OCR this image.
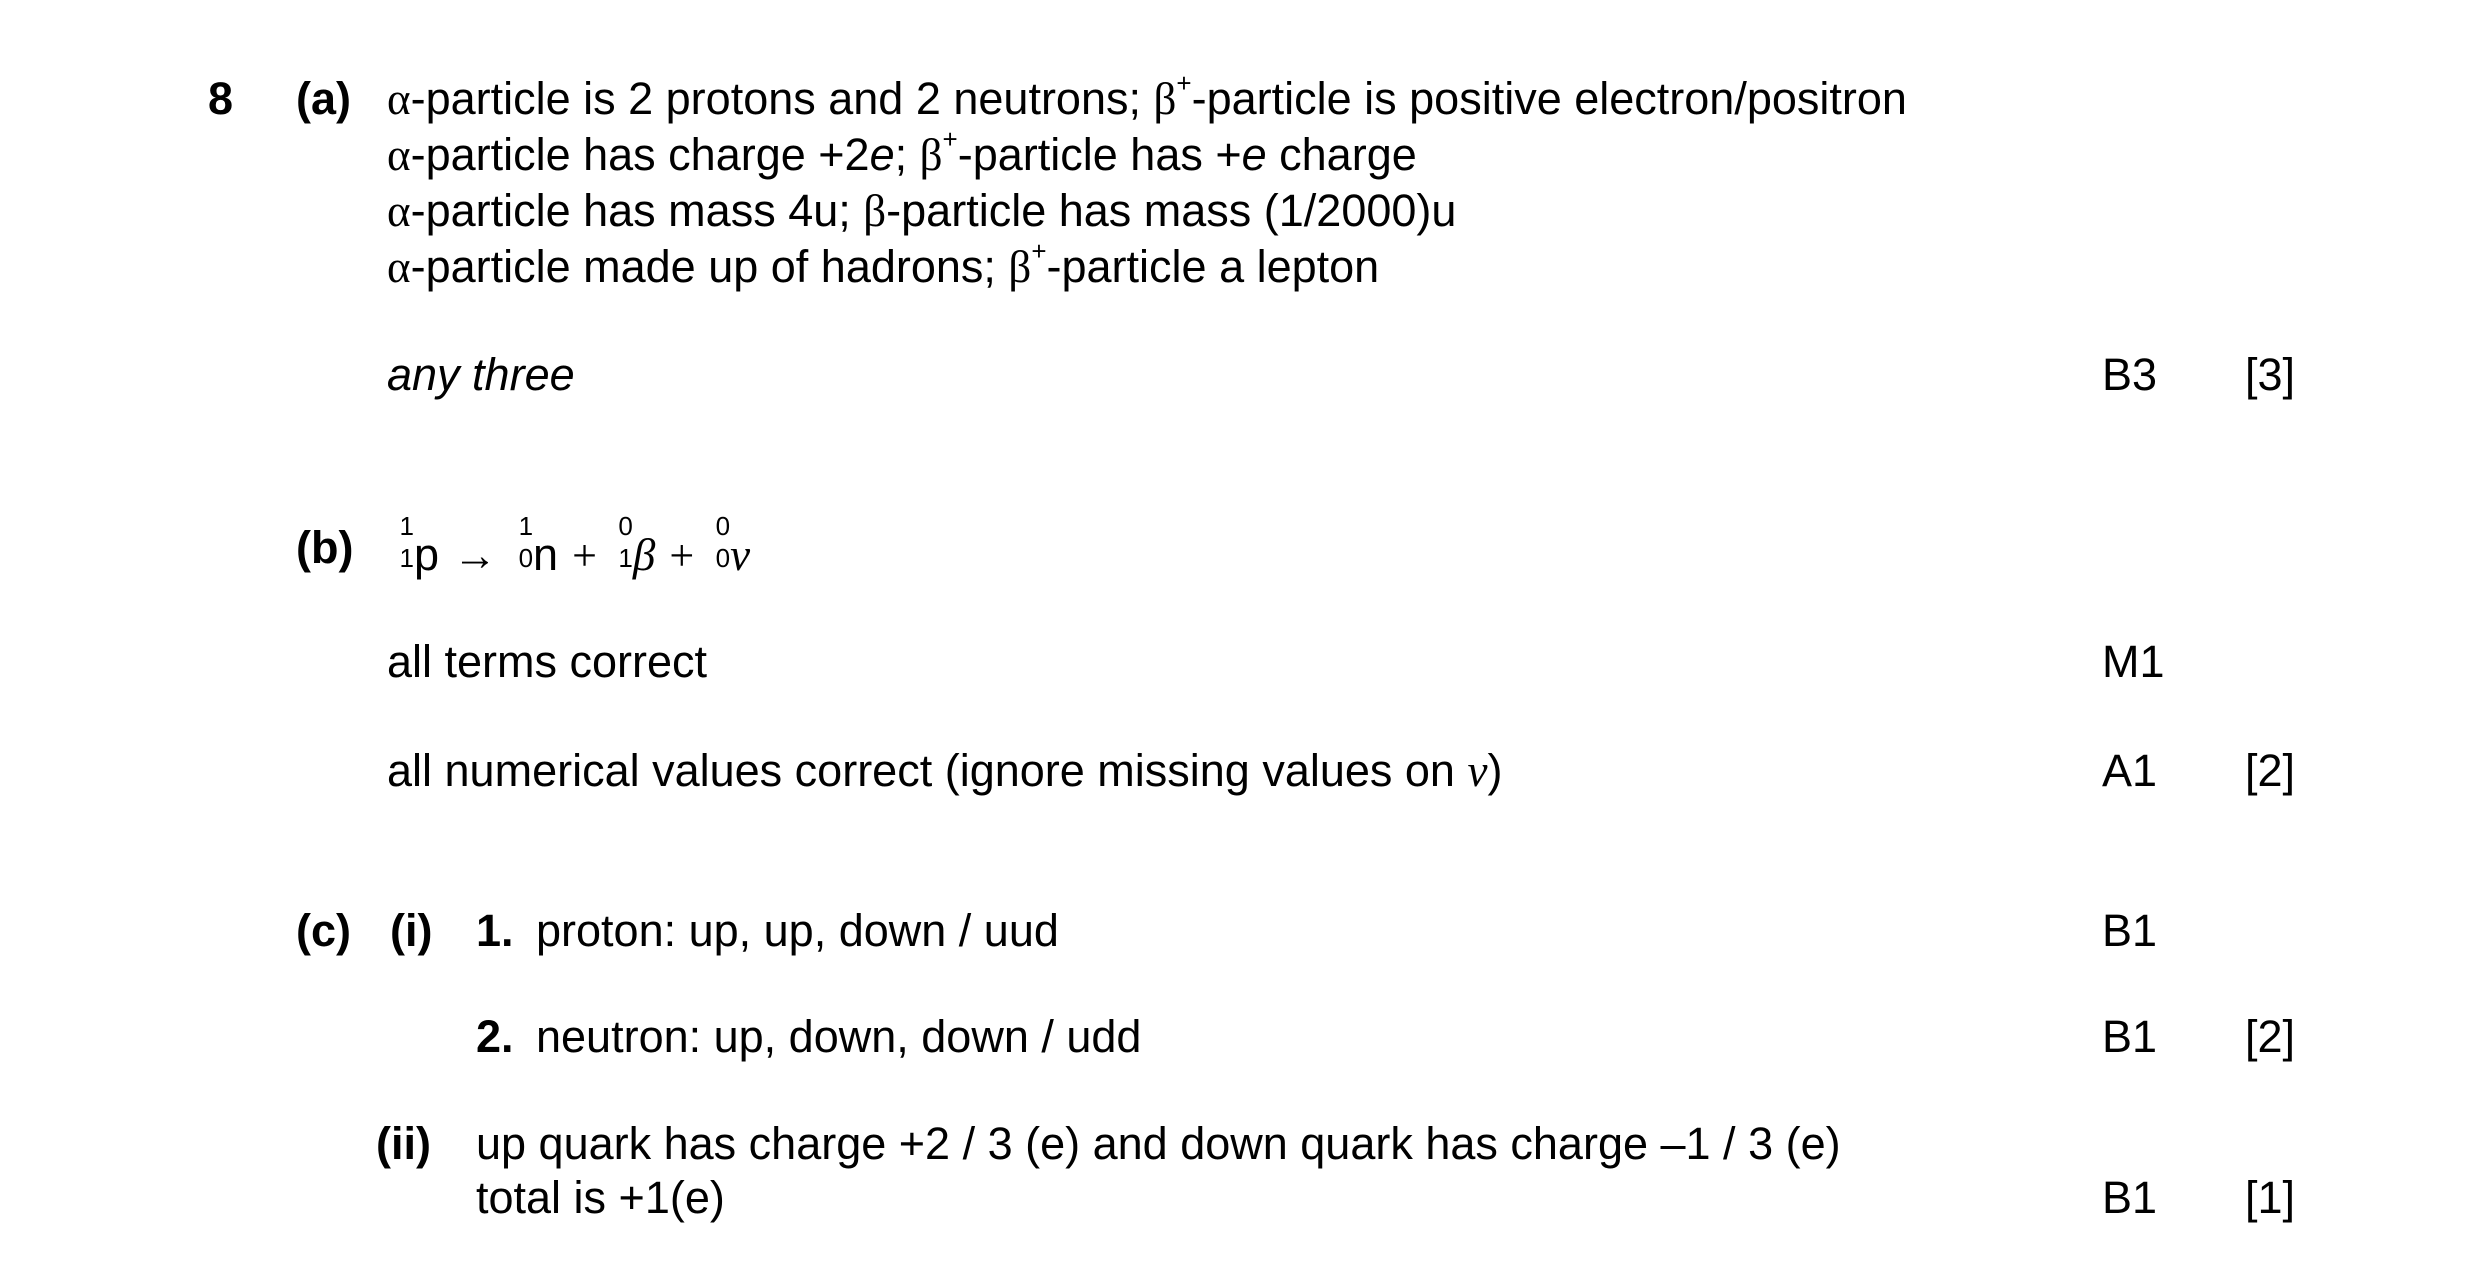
8 (a) α-particle is 2 protons and 2 neutrons; β+-particle is positive electron/positron
α-particle has charge +2e; β+-particle has +e charge
α-particle has mass 4u; β-particle has mass (1/2000)u
α-particle made up of hadrons; β+-particle a lepton
any three	B3 [3]
(b) 1
1 p →
1
0 n +
0
1 β +
0
0 ν
all terms correct	M1
all numerical values correct (ignore missing values on ν)	A1 [2]
(c) (i) 1. proton: up, up, down / uud	B1
2. neutron: up, down, down / udd	B1 [2]
(ii) up quark has charge +2 / 3 (e) and down quark has charge –1 / 3 (e)
total is +1(e)	B1 [1]
